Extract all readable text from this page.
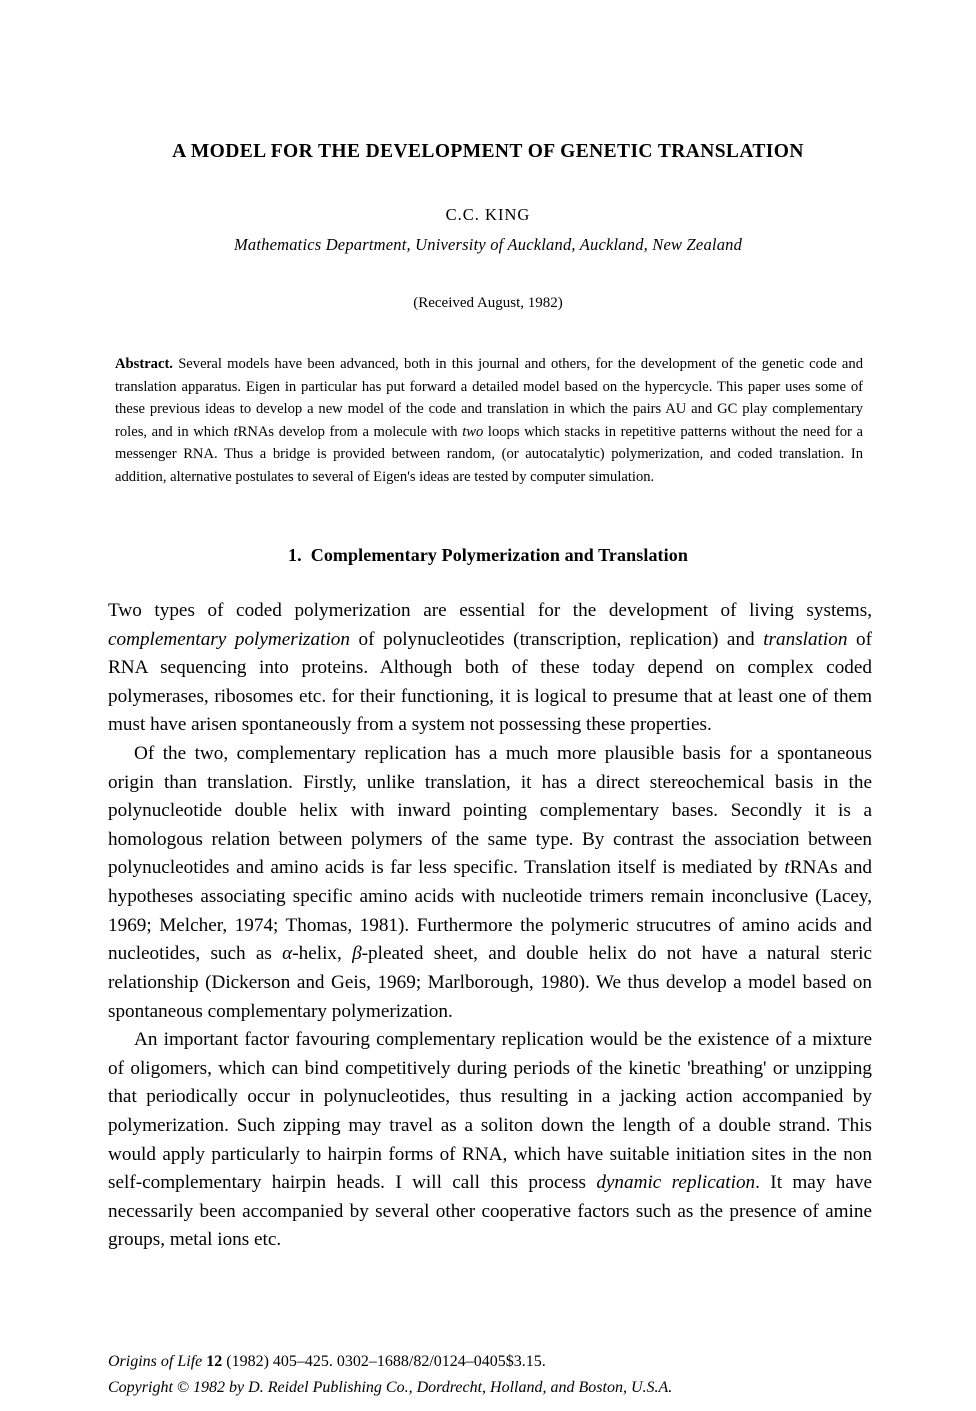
A MODEL FOR THE DEVELOPMENT OF GENETIC TRANSLATION
C.C. KING
Mathematics Department, University of Auckland, Auckland, New Zealand
(Received August, 1982)
Abstract. Several models have been advanced, both in this journal and others, for the development of the genetic code and translation apparatus. Eigen in particular has put forward a detailed model based on the hypercycle. This paper uses some of these previous ideas to develop a new model of the code and translation in which the pairs AU and GC play complementary roles, and in which tRNAs develop from a molecule with two loops which stacks in repetitive patterns without the need for a messenger RNA. Thus a bridge is provided between random, (or autocatalytic) polymerization, and coded translation. In addition, alternative postulates to several of Eigen's ideas are tested by computer simulation.
1. Complementary Polymerization and Translation

Two types of coded polymerization are essential for the development of living systems, complementary polymerization of polynucleotides (transcription, replication) and translation of RNA sequencing into proteins. Although both of these today depend on complex coded polymerases, ribosomes etc. for their functioning, it is logical to presume that at least one of them must have arisen spontaneously from a system not possessing these properties.

Of the two, complementary replication has a much more plausible basis for a spontaneous origin than translation. Firstly, unlike translation, it has a direct stereochemical basis in the polynucleotide double helix with inward pointing complementary bases. Secondly it is a homologous relation between polymers of the same type. By contrast the association between polynucleotides and amino acids is far less specific. Translation itself is mediated by tRNAs and hypotheses associating specific amino acids with nucleotide trimers remain inconclusive (Lacey, 1969; Melcher, 1974; Thomas, 1981). Furthermore the polymeric strucutres of amino acids and nucleotides, such as α-helix, β-pleated sheet, and double helix do not have a natural steric relationship (Dickerson and Geis, 1969; Marlborough, 1980). We thus develop a model based on spontaneous complementary polymerization.

An important factor favouring complementary replication would be the existence of a mixture of oligomers, which can bind competitively during periods of the kinetic 'breathing' or unzipping that periodically occur in polynucleotides, thus resulting in a jacking action accompanied by polymerization. Such zipping may travel as a soliton down the length of a double strand. This would apply particularly to hairpin forms of RNA, which have suitable initiation sites in the non self-complementary hairpin heads. I will call this process dynamic replication. It may have necessarily been accompanied by several other cooperative factors such as the presence of amine groups, metal ions etc.

Origins of Life 12 (1982) 405–425. 0302–1688/82/0124–0405$3.15.
Copyright © 1982 by D. Reidel Publishing Co., Dordrecht, Holland, and Boston, U.S.A.
